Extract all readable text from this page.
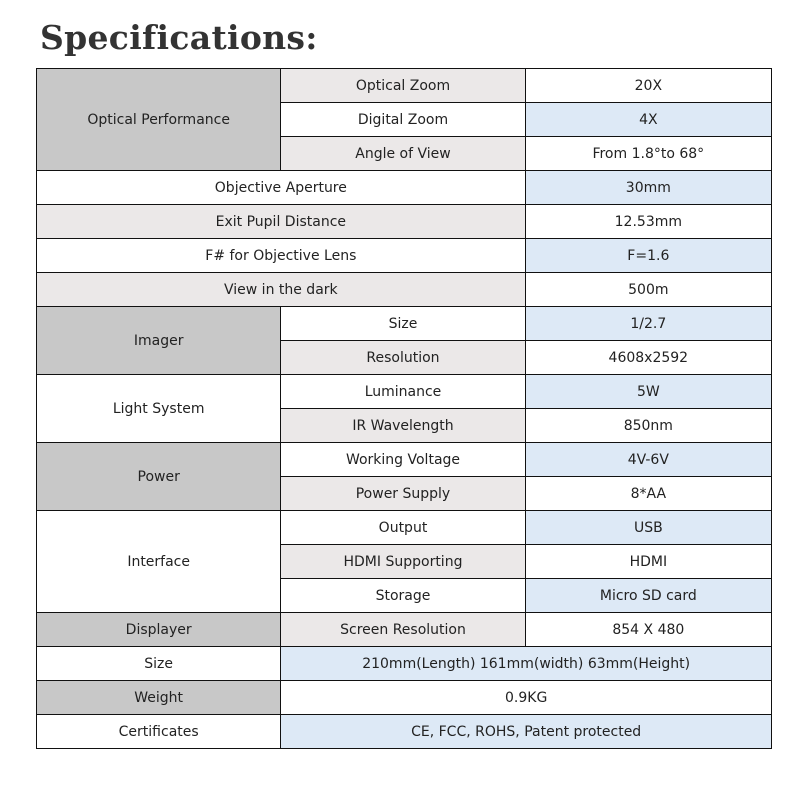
Specifications:
Optical Performance	Optical Zoom	20X
	Digital Zoom	4X
	Angle of View	From 1.8°to 68°
Objective Aperture		30mm
Exit Pupil Distance		12.53mm
F# for Objective Lens		F=1.6
View in the dark		500m
Imager	Size	1/2.7
	Resolution	4608x2592
Light System	Luminance	5W
	IR Wavelength	850nm
Power	Working Voltage	4V-6V
	Power Supply	8*AA
Interface	Output	USB
	HDMI Supporting	HDMI
	Storage	Micro SD card
Displayer	Screen Resolution	854 X 480
Size	210mm(Length) 161mm(width) 63mm(Height)	
Weight	0.9KG	
Certificates	CE, FCC, ROHS, Patent protected	
